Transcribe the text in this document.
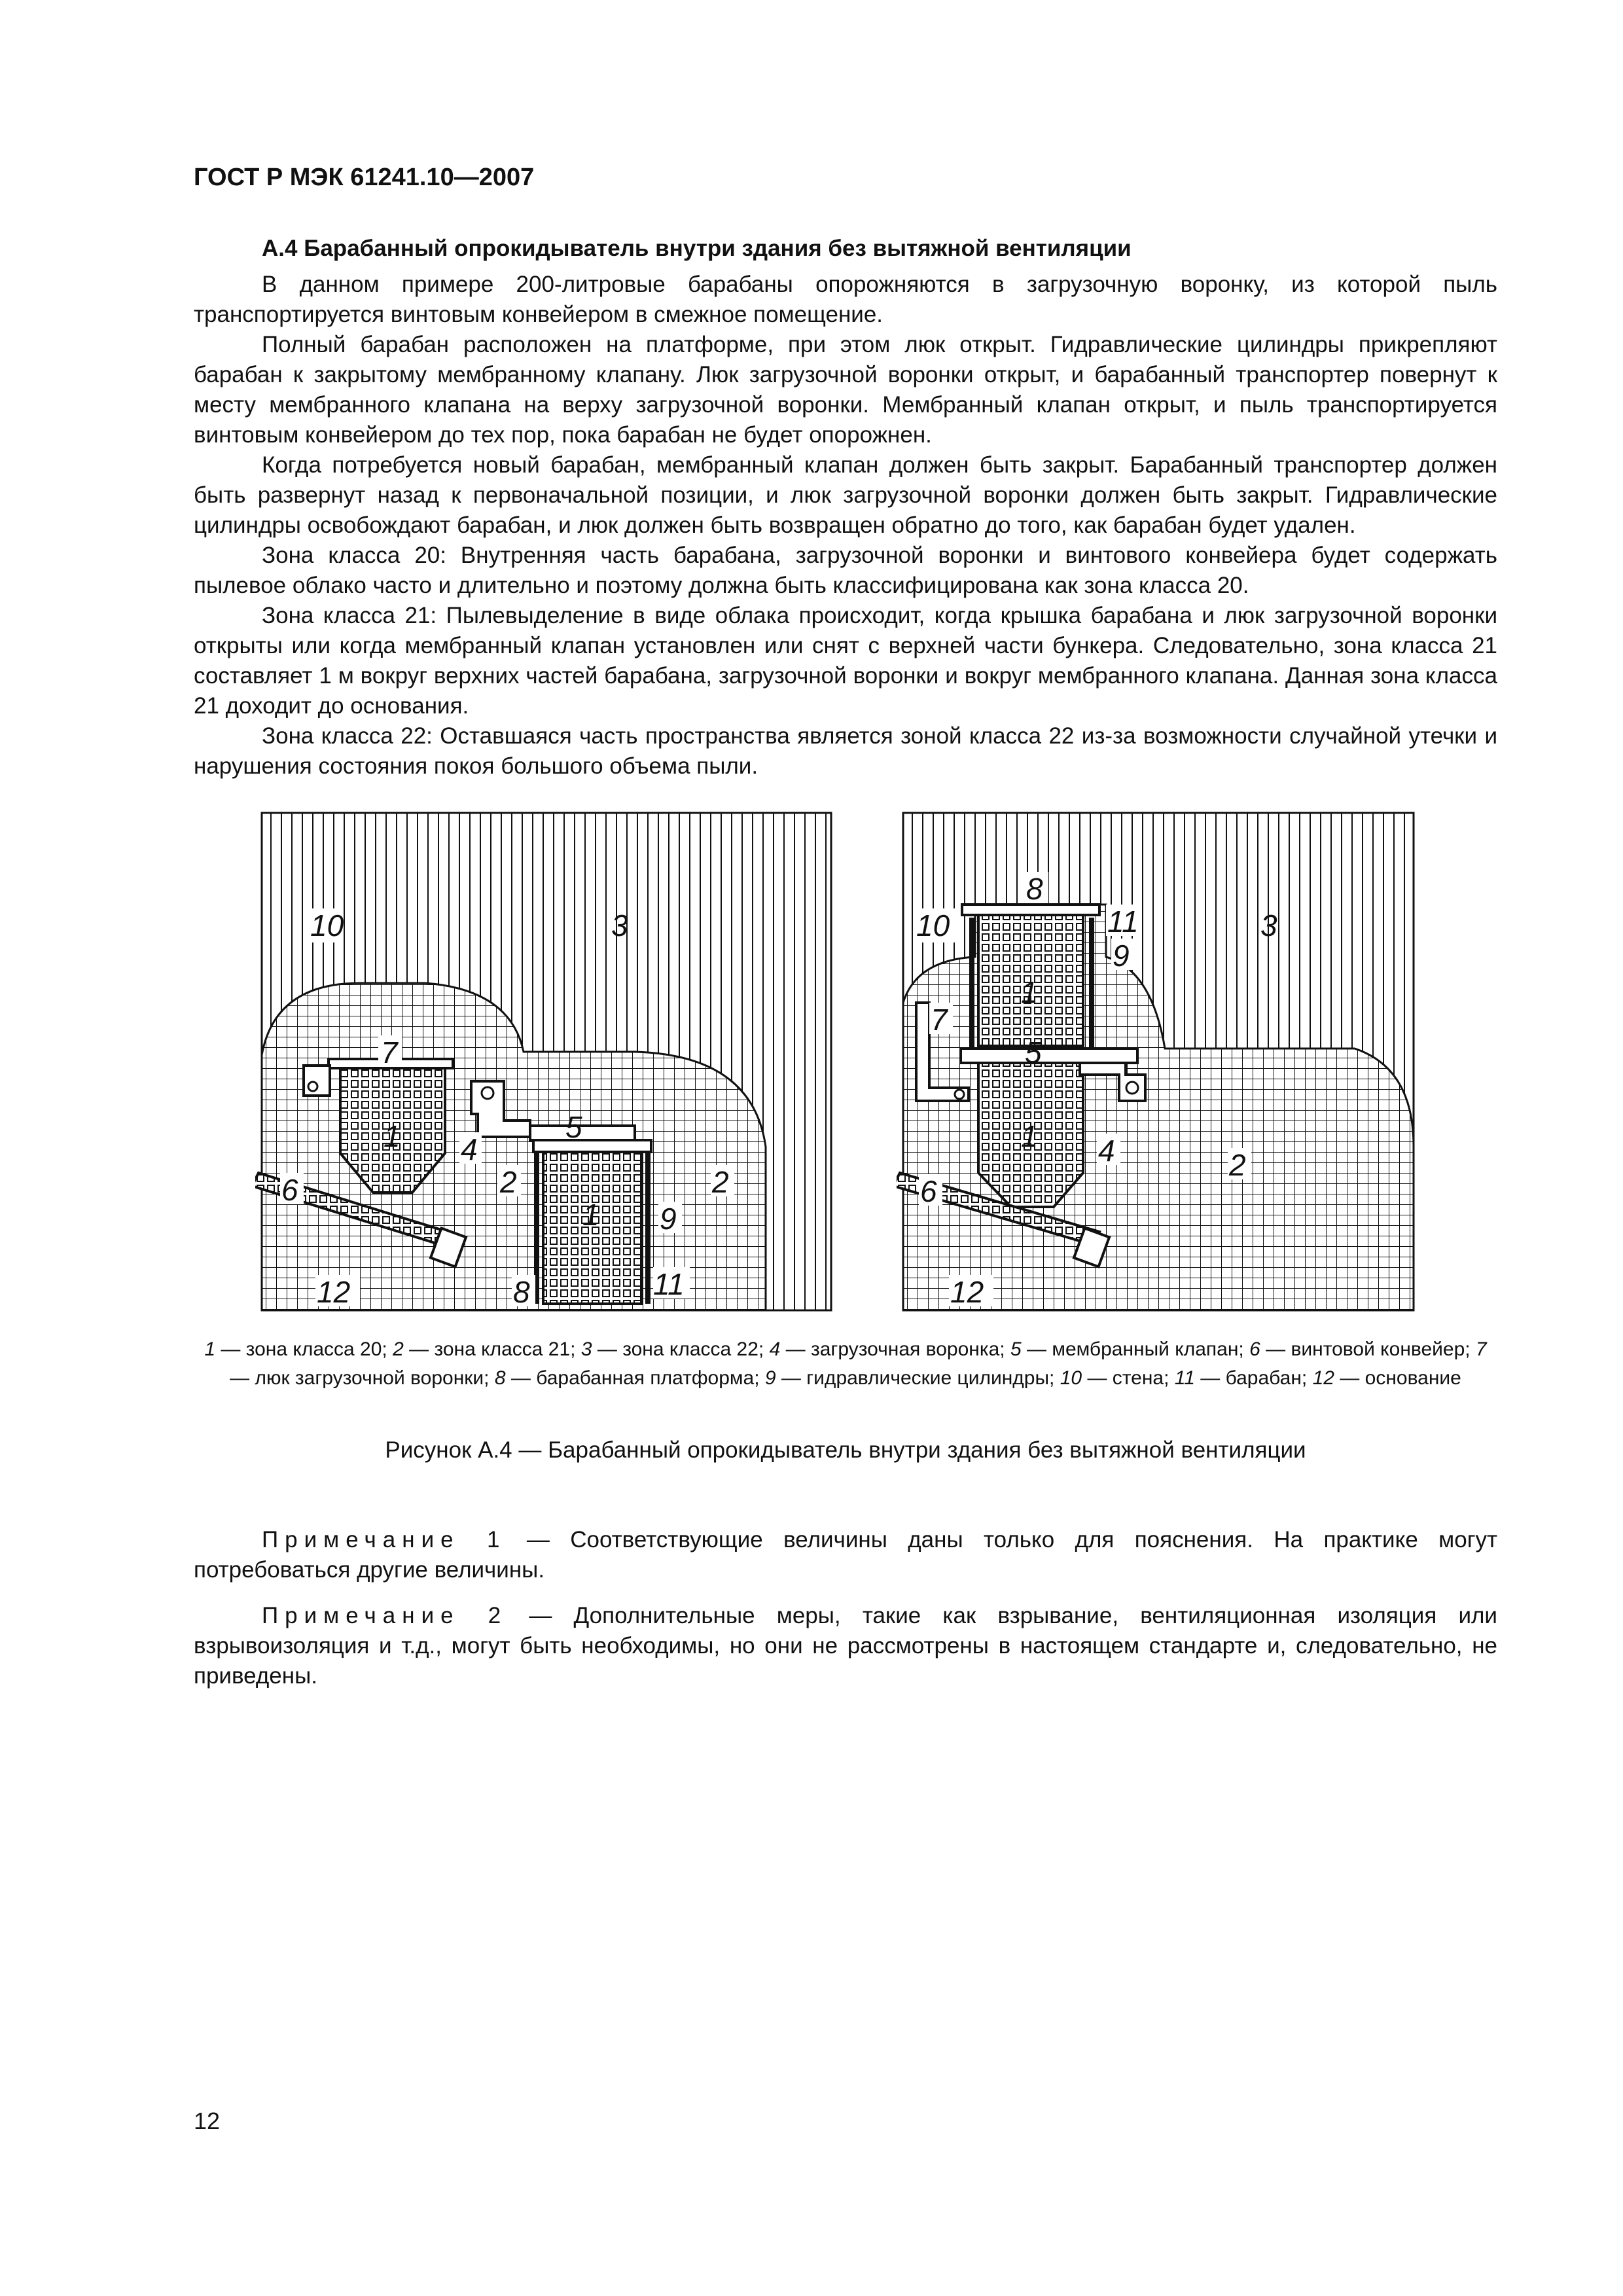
ГОСТ Р МЭК 61241.10—2007
А.4 Барабанный опрокидыватель внутри здания без вытяжной вентиляции

В данном примере 200-литровые барабаны опорожняются в загрузочную воронку, из которой пыль транспортируется винтовым конвейером в смежное помещение.

Полный барабан расположен на платформе, при этом люк открыт. Гидравлические цилиндры прикрепляют барабан к закрытому мембранному клапану. Люк загрузочной воронки открыт, и барабанный транспортер повернут к месту мембранного клапана на верху загрузочной воронки. Мембранный клапан открыт, и пыль транспортируется винтовым конвейером до тех пор, пока барабан не будет опорожнен.

Когда потребуется новый барабан, мембранный клапан должен быть закрыт. Барабанный транспортер должен быть развернут назад к первоначальной позиции, и люк загрузочной воронки должен быть закрыт. Гидравлические цилиндры освобождают барабан, и люк должен быть возвращен обратно до того, как барабан будет удален.

Зона класса 20: Внутренняя часть барабана, загрузочной воронки и винтового конвейера будет содержать пылевое облако часто и длительно и поэтому должна быть классифицирована как зона класса 20.

Зона класса 21: Пылевыделение в виде облака происходит, когда крышка барабана и люк загрузочной воронки открыты или когда мембранный клапан установлен или снят с верхней части бункера. Следовательно, зона класса 21 составляет 1 м вокруг верхних частей барабана, загрузочной воронки и вокруг мембранного клапана. Данная зона класса 21 доходит до основания.

Зона класса 22: Оставшаяся часть пространства является зоной класса 22 из-за возможности случайной утечки и нарушения состояния покоя большого объема пыли.

10	3
7
1 4
5
2
6
1
2
9
12	8	11
8
10	11	3
9
1
7
5
1 4	2
6
12
1 — зона класса 20; 2 — зона класса 21; 3 — зона класса 22; 4 — загрузочная воронка; 5 — мембранный клапан; 6 — винтовой конвейер; 7 — люк загрузочной воронки; 8 — барабанная платформа; 9 — гидравлические цилиндры; 10 — стена; 11 — барабан; 12 — основание
Рисунок А.4 — Барабанный опрокидыватель внутри здания без вытяжной вентиляции

Примечание 1 — Соответствующие величины даны только для пояснения. На практике могут потребоваться другие величины.

Примечание 2 — Дополнительные меры, такие как взрывание, вентиляционная изоляция или взрывоизоляция и т.д., могут быть необходимы, но они не рассмотрены в настоящем стандарте и, следовательно, не приведены.

12
